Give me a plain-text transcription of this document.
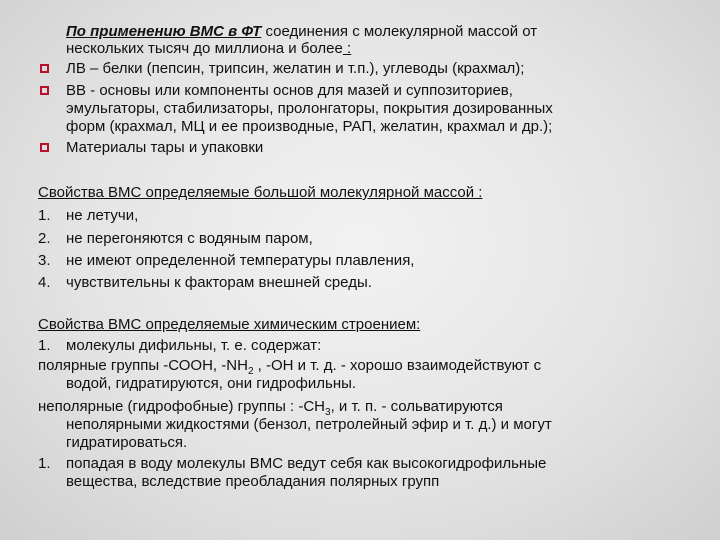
По применению ВМС в ФТ соединения с молекулярной массой от
нескольких тысяч до миллиона и более :
ЛВ – белки (пепсин, трипсин, желатин и т.п.), углеводы (крахмал);
ВВ - основы или компоненты основ для мазей и суппозиториев,
эмульгаторы, стабилизаторы, пролонгаторы, покрытия дозированных
форм (крахмал, МЦ и ее производные, РАП, желатин, крахмал и др.);
Материалы тары и упаковки
Свойства ВМС определяемые большой молекулярной массой :
1. не летучи,
2. не перегоняются с водяным паром,
3. не имеют определенной температуры плавления,
4. чувствительны к факторам внешней среды.
Свойства ВМС определяемые химическим строением:
1. молекулы дифильны, т. е. содержат:
полярные группы -СООН, $-NН_2$ , -ОН и т. д. - хорошо взаимодействуют с
водой, гидратируются, они гидрофильны.
неполярные (гидрофобные) группы : $-СН_3$, и т. п. - сольватируются
неполярными жидкостями (бензол, петролейный эфир и т. д.) и могут
гидратироваться.
1. попадая в воду молекулы ВМС ведут себя как высокогидрофильные
вещества, вследствие преобладания полярных групп
